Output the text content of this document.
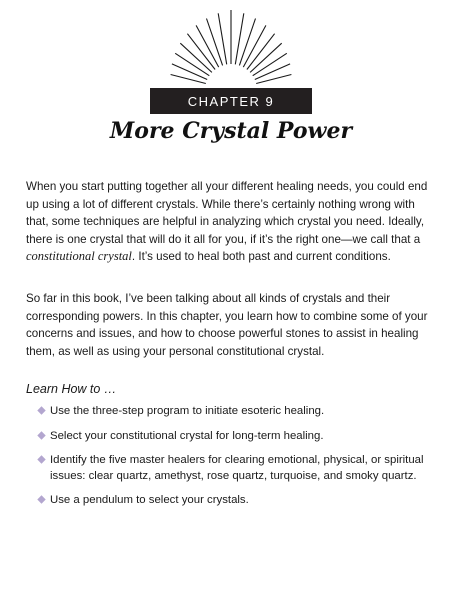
CHAPTER 9
More Crystal Power

When you start putting together all your different healing needs, you could end up using a lot of different crystals. While there’s certainly nothing wrong with that, some techniques are helpful in analyzing which crystal you need. Ideally, there is one crystal that will do it all for you, if it’s the right one—we call that a constitutional crystal. It’s used to heal both past and current conditions.

So far in this book, I’ve been talking about all kinds of crystals and their corresponding powers. In this chapter, you learn how to combine some of your concerns and issues, and how to choose powerful stones to assist in healing them, as well as using your personal constitutional crystal.

Learn How to …
Use the three-step program to initiate esoteric healing.
Select your constitutional crystal for long-term healing.
Identify the five master healers for clearing emotional, physical, or spiritual issues: clear quartz, amethyst, rose quartz, turquoise, and smoky quartz.
Use a pendulum to select your crystals.
